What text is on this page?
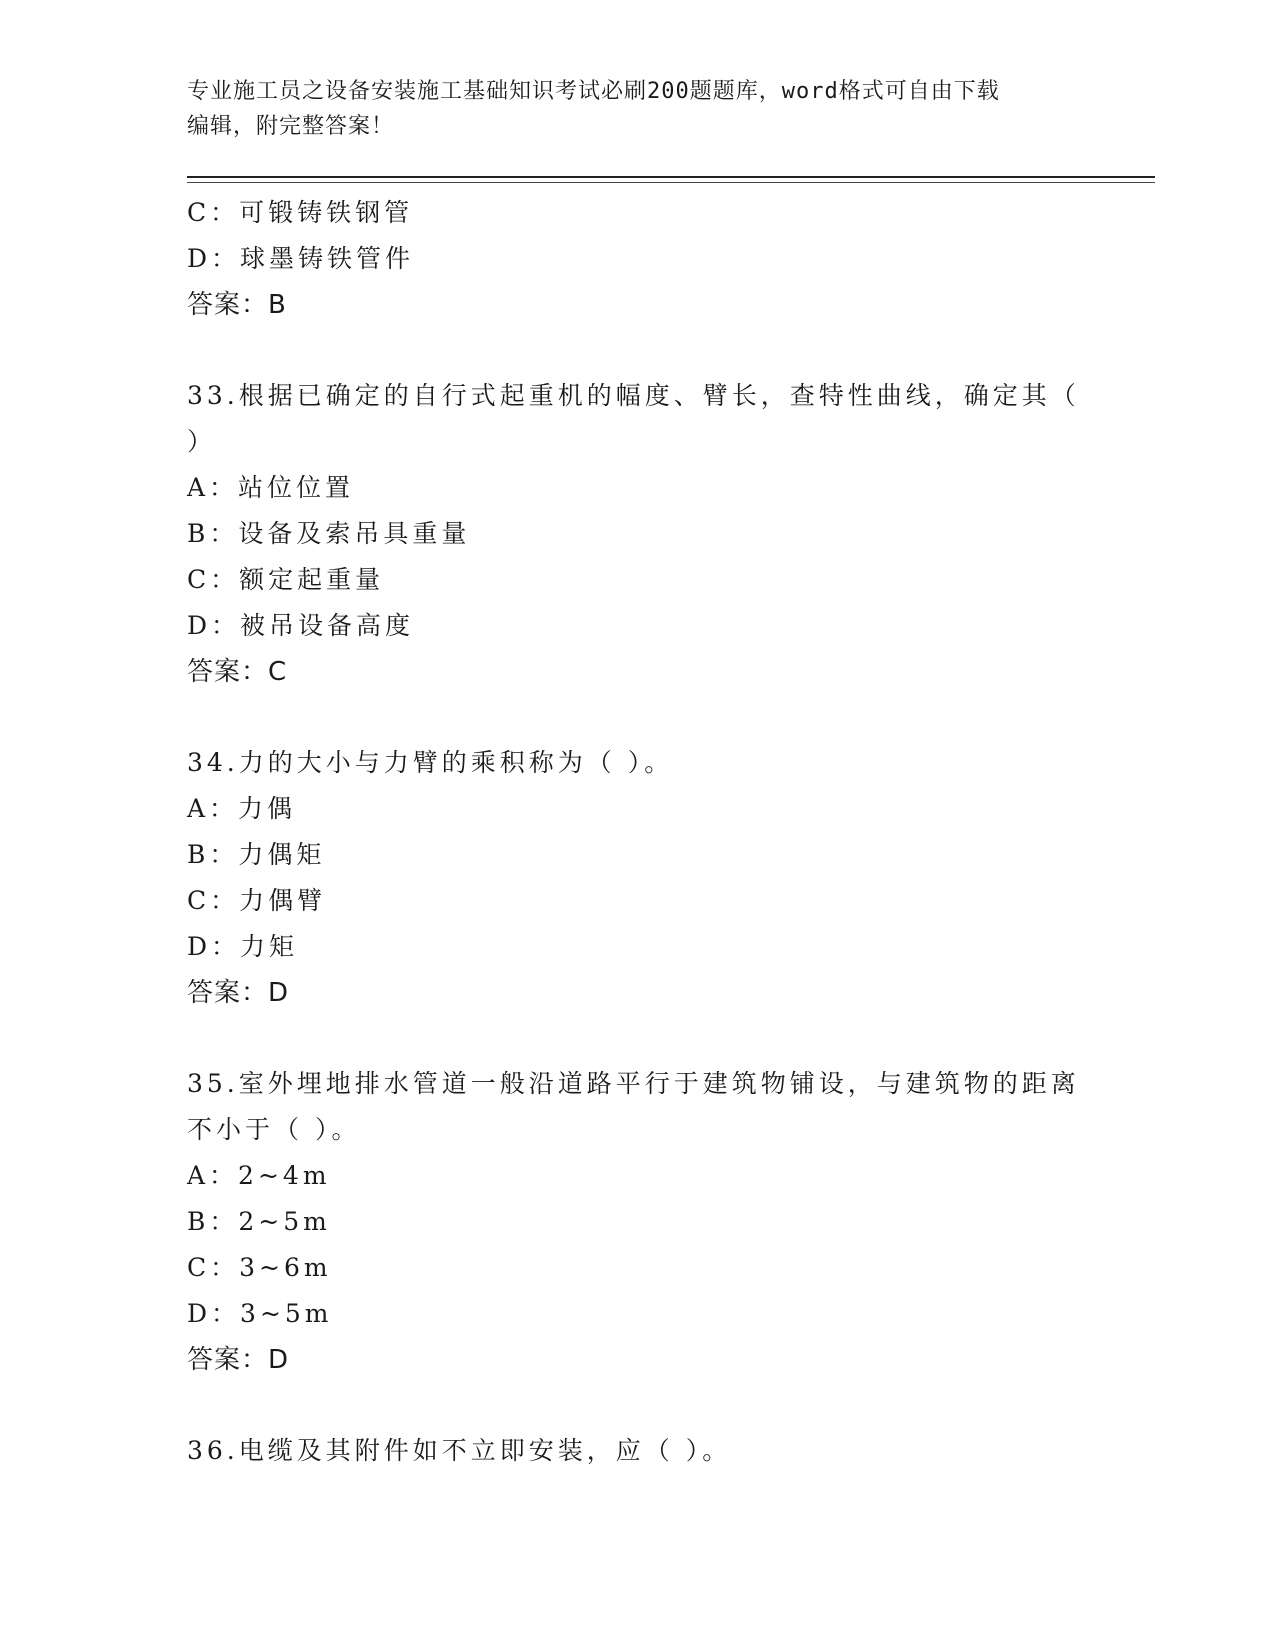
专业施工员之设备安装施工基础知识考试必刷200题题库，word格式可自由下载
编辑，附完整答案！
C：可锻铸铁钢管
D：球墨铸铁管件
答案：B
33.根据已确定的自行式起重机的幅度、臂长，查特性曲线，确定其（
）
A：站位位置
B：设备及索吊具重量
C：额定起重量
D：被吊设备高度
答案：C
34.力的大小与力臂的乘积称为（ ）。
A：力偶
B：力偶矩
C：力偶臂
D：力矩
答案：D
35.室外埋地排水管道一般沿道路平行于建筑物铺设，与建筑物的距离
不小于（ ）。
A：2~4m
B：2~5m
C：3~6m
D：3~5m
答案：D
36.电缆及其附件如不立即安装，应（ ）。
